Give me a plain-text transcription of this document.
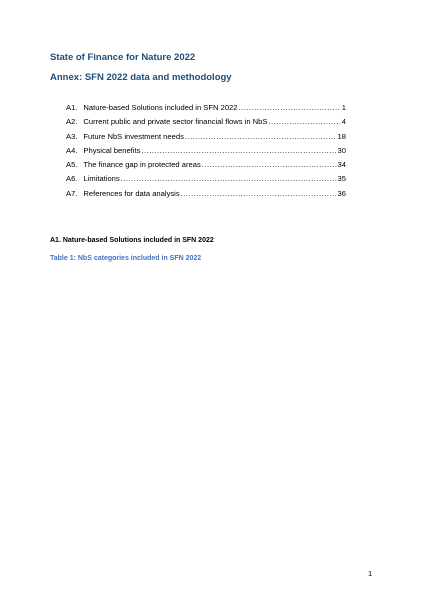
State of Finance for Nature 2022
Annex: SFN 2022 data and methodology
A1. Nature-based Solutions included in SFN 2022 .....	1
A2. Current public and private sector financial flows in NbS .....	4
A3. Future NbS investment needs .....	18
A4. Physical benefits .....	30
A5. The finance gap in protected areas .....	34
A6. Limitations .....	35
A7. References for data analysis .....	36
A1. Nature-based Solutions included in SFN 2022
Table 1: NbS categories included in SFN 2022
1
